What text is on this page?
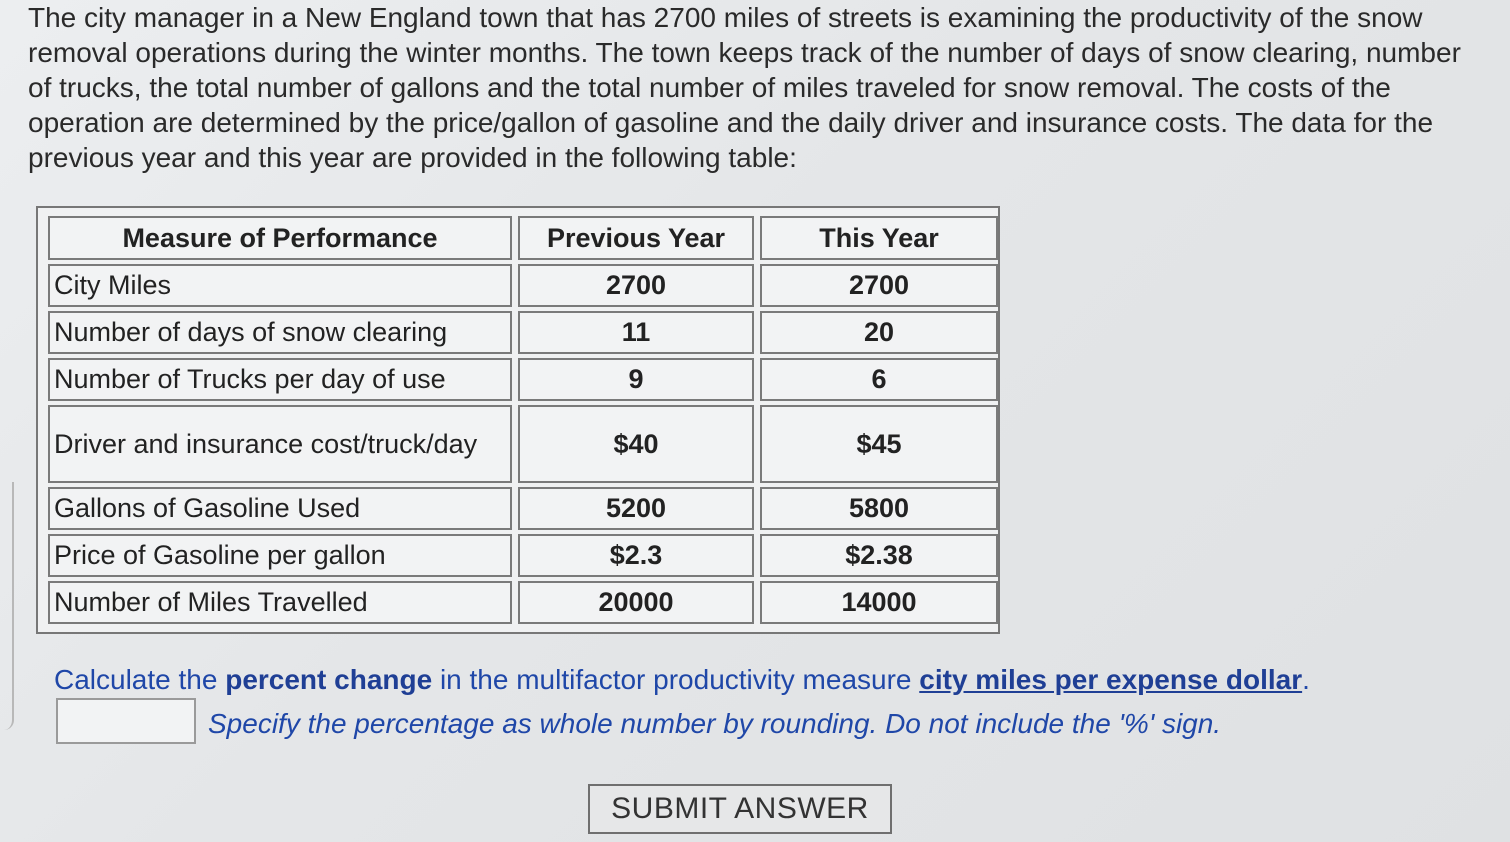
The city manager in a New England town that has 2700 miles of streets is examining the productivity of the snow removal operations during the winter months. The town keeps track of the number of days of snow clearing, number of trucks, the total number of gallons and the total number of miles traveled for snow removal. The costs of the operation are determined by the price/gallon of gasoline and the daily driver and insurance costs. The data for the previous year and this year are provided in the following table:

Measure of Performance	Previous Year	This Year
City Miles	2700	2700
Number of days of snow clearing	11	20
Number of Trucks per day of use	9	6
Driver and insurance cost/truck/day	$40	$45
Gallons of Gasoline Used	5200	5800
Price of Gasoline per gallon	$2.3	$2.38
Number of Miles Travelled	20000	14000
Calculate the percent change in the multifactor productivity measure city miles per expense dollar.
Specify the percentage as whole number by rounding. Do not include the '%' sign.
SUBMIT ANSWER
